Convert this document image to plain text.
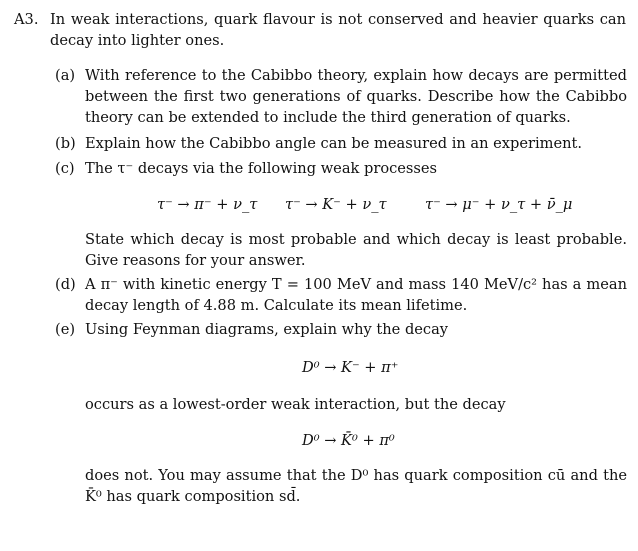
A3. In weak interactions, quark flavour is not conserved and heavier quarks can decay into lighter ones.
(a) With reference to the Cabibbo theory, explain how decays are permitted between the first two generations of quarks. Describe how the Cabibbo theory can be extended to include the third generation of quarks.
(b) Explain how the Cabibbo angle can be measured in an experiment.
(c) The τ⁻ decays via the following weak processes
τ⁻ → π⁻ + ν_τ τ⁻ → K⁻ + ν_τ	τ⁻ → μ⁻ + ν_τ + ν̄_μ
State which decay is most probable and which decay is least probable. Give reasons for your answer.
(d) A π⁻ with kinetic energy T = 100 MeV and mass 140 MeV/c² has a mean decay length of 4.88 m. Calculate its mean lifetime.
(e) Using Feynman diagrams, explain why the decay
D⁰ → K⁻ + π⁺
occurs as a lowest-order weak interaction, but the decay
D⁰ → K̄⁰ + π⁰
does not. You may assume that the D⁰ has quark composition cū and the K̄⁰ has quark composition sd̄.
